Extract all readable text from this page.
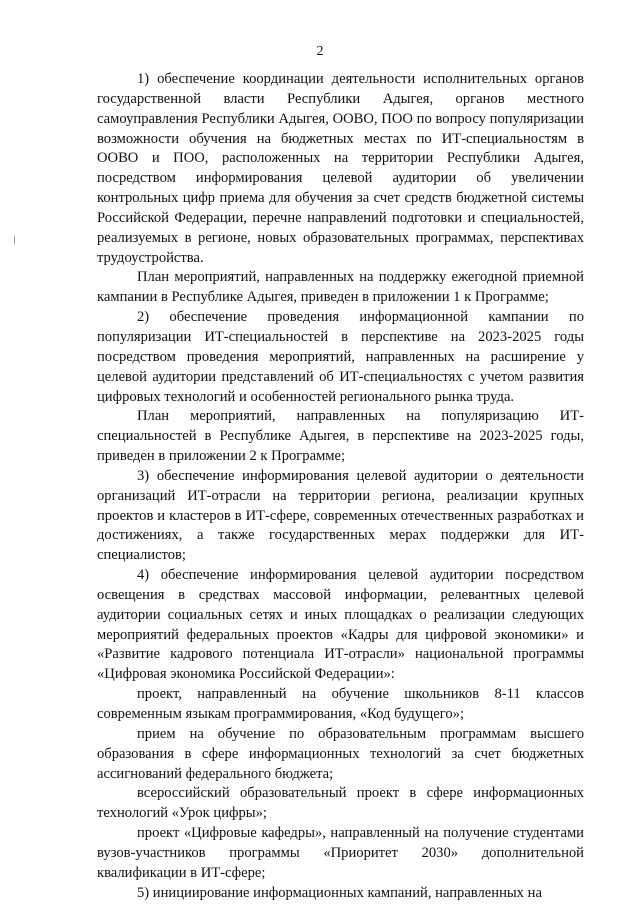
2

1) обеспечение координации деятельности исполнительных органов государственной власти Республики Адыгея, органов местного самоуправления Республики Адыгея, ООВО, ПОО по вопросу популяризации возможности обучения на бюджетных местах по ИТ-специальностям в ООВО и ПОО, расположенных на территории Республики Адыгея, посредством информирования целевой аудитории об увеличении контрольных цифр приема для обучения за счет средств бюджетной системы Российской Федерации, перечне направлений подготовки и специальностей, реализуемых в регионе, новых образовательных программах, перспективах трудоустройства.

План мероприятий, направленных на поддержку ежегодной приемной кампании в Республике Адыгея, приведен в приложении 1 к Программе;

2) обеспечение проведения информационной кампании по популяризации ИТ-специальностей в перспективе на 2023-2025 годы посредством проведения мероприятий, направленных на расширение у целевой аудитории представлений об ИТ-специальностях с учетом развития цифровых технологий и особенностей регионального рынка труда.

План мероприятий, направленных на популяризацию ИТ-специальностей в Республике Адыгея, в перспективе на 2023-2025 годы, приведен в приложении 2 к Программе;

3) обеспечение информирования целевой аудитории о деятельности организаций ИТ-отрасли на территории региона, реализации крупных проектов и кластеров в ИТ-сфере, современных отечественных разработках и достижениях, а также государственных мерах поддержки для ИТ-специалистов;

4) обеспечение информирования целевой аудитории посредством освещения в средствах массовой информации, релевантных целевой аудитории социальных сетях и иных площадках о реализации следующих мероприятий федеральных проектов «Кадры для цифровой экономики» и «Развитие кадрового потенциала ИТ-отрасли» национальной программы «Цифровая экономика Российской Федерации»:

проект, направленный на обучение школьников 8-11 классов современным языкам программирования, «Код будущего»;

прием на обучение по образовательным программам высшего образования в сфере информационных технологий за счет бюджетных ассигнований федерального бюджета;

всероссийский образовательный проект в сфере информационных технологий «Урок цифры»;

проект «Цифровые кафедры», направленный на получение студентами вузов-участников программы «Приоритет 2030» дополнительной квалификации в ИТ-сфере;

5) инициирование информационных кампаний, направленных на
